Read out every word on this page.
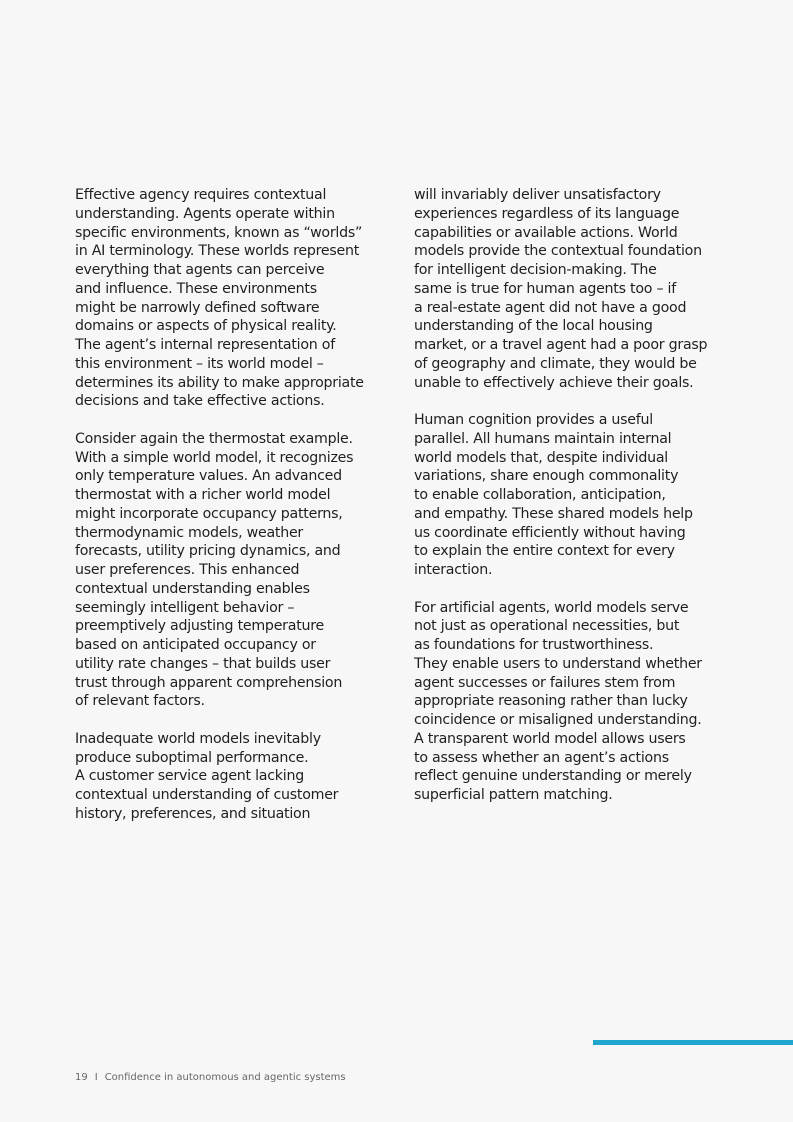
Effective agency requires contextual
understanding. Agents operate within
specific environments, known as “worlds”
in AI terminology. These worlds represent
everything that agents can perceive
and influence. These environments
might be narrowly defined software
domains or aspects of physical reality.
The agent’s internal representation of
this environment – its world model –
determines its ability to make appropriate
decisions and take effective actions.

Consider again the thermostat example.
With a simple world model, it recognizes
only temperature values. An advanced
thermostat with a richer world model
might incorporate occupancy patterns,
thermodynamic models, weather
forecasts, utility pricing dynamics, and
user preferences. This enhanced
contextual understanding enables
seemingly intelligent behavior –
preemptively adjusting temperature
based on anticipated occupancy or
utility rate changes – that builds user
trust through apparent comprehension
of relevant factors.

Inadequate world models inevitably
produce suboptimal performance.
A customer service agent lacking
contextual understanding of customer
history, preferences, and situation

will invariably deliver unsatisfactory
experiences regardless of its language
capabilities or available actions. World
models provide the contextual foundation
for intelligent decision-making. The
same is true for human agents too – if
a real-estate agent did not have a good
understanding of the local housing
market, or a travel agent had a poor grasp
of geography and climate, they would be
unable to effectively achieve their goals.

Human cognition provides a useful
parallel. All humans maintain internal
world models that, despite individual
variations, share enough commonality
to enable collaboration, anticipation,
and empathy. These shared models help
us coordinate efficiently without having
to explain the entire context for every
interaction.

For artificial agents, world models serve
not just as operational necessities, but
as foundations for trustworthiness.
They enable users to understand whether
agent successes or failures stem from
appropriate reasoning rather than lucky
coincidence or misaligned understanding.
A transparent world model allows users
to assess whether an agent’s actions
reflect genuine understanding or merely
superficial pattern matching.

19 I Confidence in autonomous and agentic systems
